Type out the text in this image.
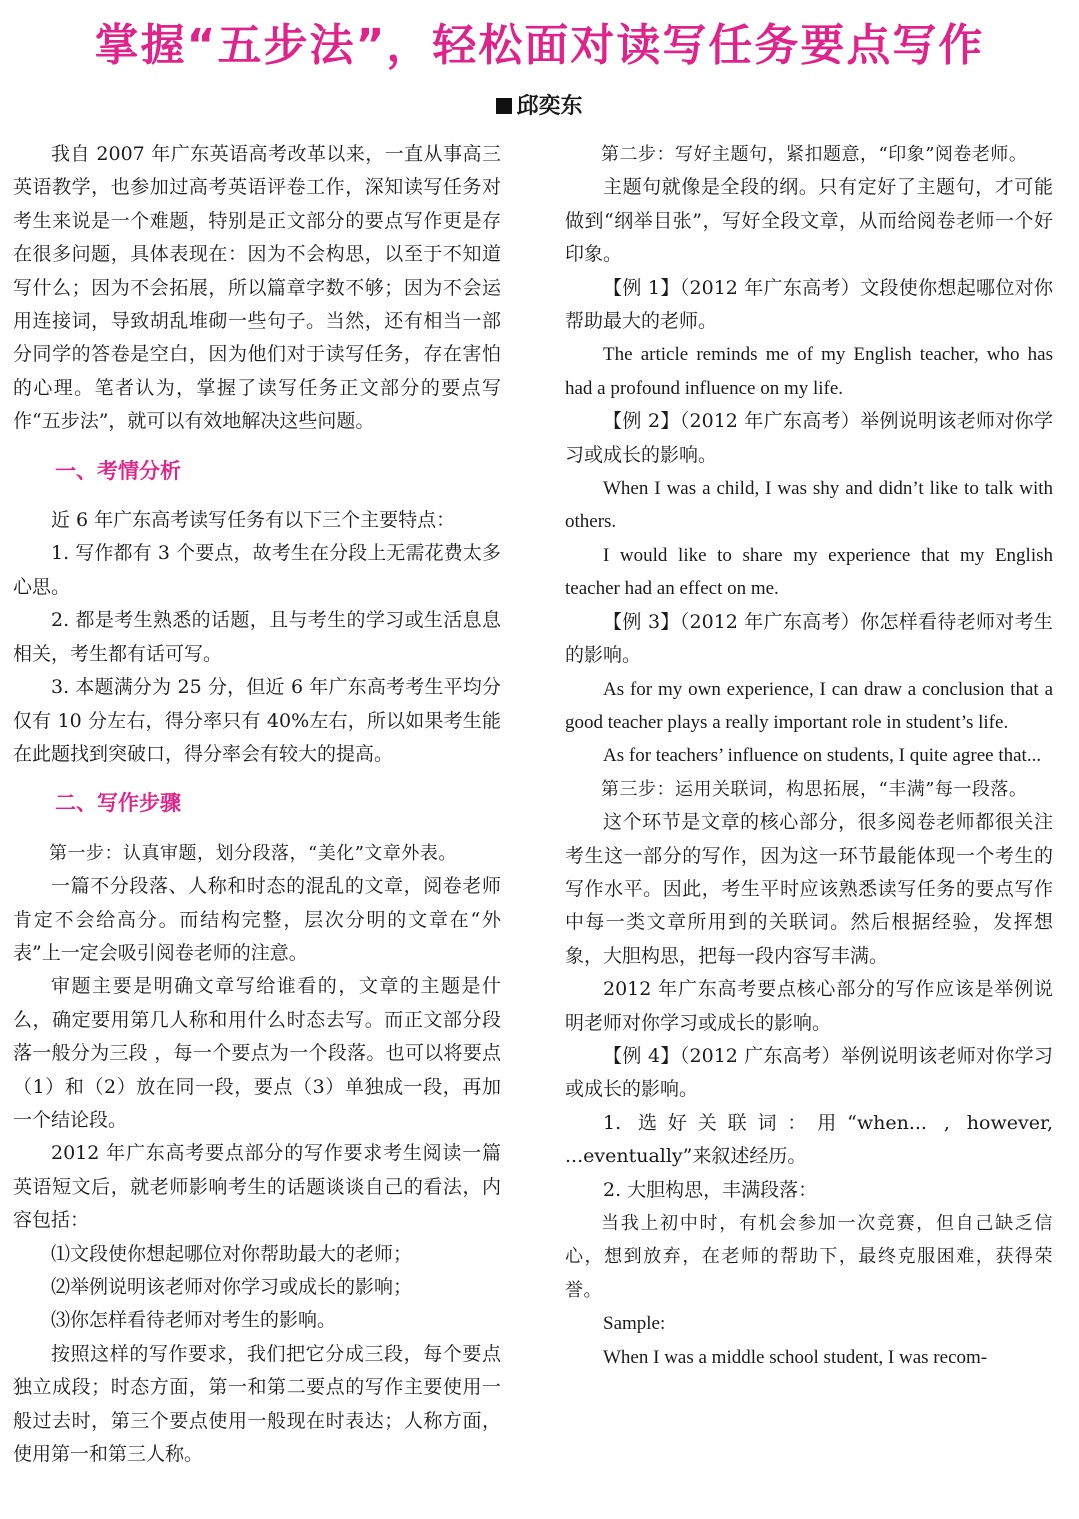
掌握“五步法”，轻松面对读写任务要点写作
邱奕东

我自 2007 年广东英语高考改革以来，一直从事高三英语教学，也参加过高考英语评卷工作，深知读写任务对考生来说是一个难题，特别是正文部分的要点写作更是存在很多问题，具体表现在：因为不会构思，以至于不知道写什么；因为不会拓展，所以篇章字数不够；因为不会运用连接词，导致胡乱堆砌一些句子。当然，还有相当一部分同学的答卷是空白，因为他们对于读写任务，存在害怕的心理。笔者认为，掌握了读写任务正文部分的要点写作“五步法”，就可以有效地解决这些问题。

一、考情分析

近 6 年广东高考读写任务有以下三个主要特点：

1. 写作都有 3 个要点，故考生在分段上无需花费太多心思。

2. 都是考生熟悉的话题，且与考生的学习或生活息息相关，考生都有话可写。

3. 本题满分为 25 分，但近 6 年广东高考考生平均分仅有 10 分左右，得分率只有 40%左右，所以如果考生能在此题找到突破口，得分率会有较大的提高。

二、写作步骤

第一步：认真审题，划分段落，“美化”文章外表。

一篇不分段落、人称和时态的混乱的文章，阅卷老师肯定不会给高分。而结构完整，层次分明的文章在“外表”上一定会吸引阅卷老师的注意。

审题主要是明确文章写给谁看的，文章的主题是什么，确定要用第几人称和用什么时态去写。而正文部分段落一般分为三段 ，每一个要点为一个段落。也可以将要点（1）和（2）放在同一段，要点（3）单独成一段，再加一个结论段。

2012 年广东高考要点部分的写作要求考生阅读一篇英语短文后，就老师影响考生的话题谈谈自己的看法，内容包括：

⑴文段使你想起哪位对你帮助最大的老师；

⑵举例说明该老师对你学习或成长的影响；

⑶你怎样看待老师对考生的影响。

按照这样的写作要求，我们把它分成三段，每个要点独立成段；时态方面，第一和第二要点的写作主要使用一般过去时，第三个要点使用一般现在时表达；人称方面，使用第一和第三人称。

第二步：写好主题句，紧扣题意，“印象”阅卷老师。

主题句就像是全段的纲。只有定好了主题句，才可能做到“纲举目张”，写好全段文章，从而给阅卷老师一个好印象。

【例 1】（2012 年广东高考）文段使你想起哪位对你帮助最大的老师。

The article reminds me of my English teacher, who has had a profound influence on my life.

【例 2】（2012 年广东高考）举例说明该老师对你学习或成长的影响。

When I was a child, I was shy and didn’t like to talk with others.

I would like to share my experience that my English teacher had an effect on me.

【例 3】（2012 年广东高考）你怎样看待老师对考生的影响。

As for my own experience, I can draw a conclusion that a good teacher plays a really important role in student’s life.

As for teachers’ influence on students, I quite agree that...

第三步：运用关联词，构思拓展，“丰满”每一段落。

这个环节是文章的核心部分，很多阅卷老师都很关注考生这一部分的写作，因为这一环节最能体现一个考生的写作水平。因此，考生平时应该熟悉读写任务的要点写作中每一类文章所用到的关联词。然后根据经验，发挥想象，大胆构思，把每一段内容写丰满。

2012 年广东高考要点核心部分的写作应该是举例说明老师对你学习或成长的影响。

【例 4】（2012 广东高考）举例说明该老师对你学习或成长的影响。

1. 选好关联词：用“when... , however, ...eventually”来叙述经历。

2. 大胆构思，丰满段落：

当我上初中时，有机会参加一次竞赛，但自己缺乏信心，想到放弃，在老师的帮助下，最终克服困难，获得荣誉。

Sample:

When I was a middle school student, I was recom-
